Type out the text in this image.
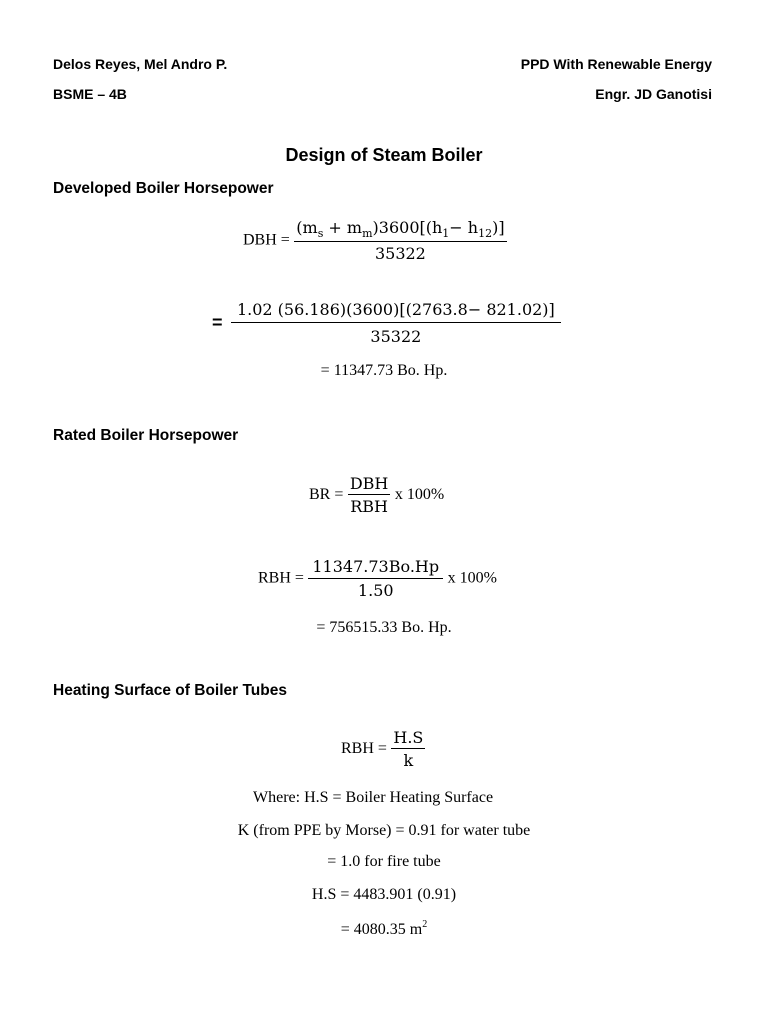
Delos Reyes, Mel Andro P.
BSME – 4B
PPD With Renewable Energy
Engr. JD Ganotisi
Design of Steam Boiler
Developed Boiler Horsepower
DBH = $\frac{(m_s + m_m)3600[(h_1- h_{12})]}{35322}$
= $\frac{1.02 (56.186)(3600)[(2763.8- 821.02)]}{35322}$
= 11347.73 Bo. Hp.
Rated Boiler Horsepower
BR = $\frac{\text{DBH}}{\text{RBH}}$ x 100%
RBH = $\frac{11347.73Bo.Hp}{1.50}$ x 100%
= 756515.33 Bo. Hp.
Heating Surface of Boiler Tubes
RBH = $\frac{H.S}{k}$
Where: H.S = Boiler Heating Surface
K (from PPE by Morse) = 0.91 for water tube
= 1.0 for fire tube
H.S = 4483.901 (0.91)
= 4080.35 $m^2$
